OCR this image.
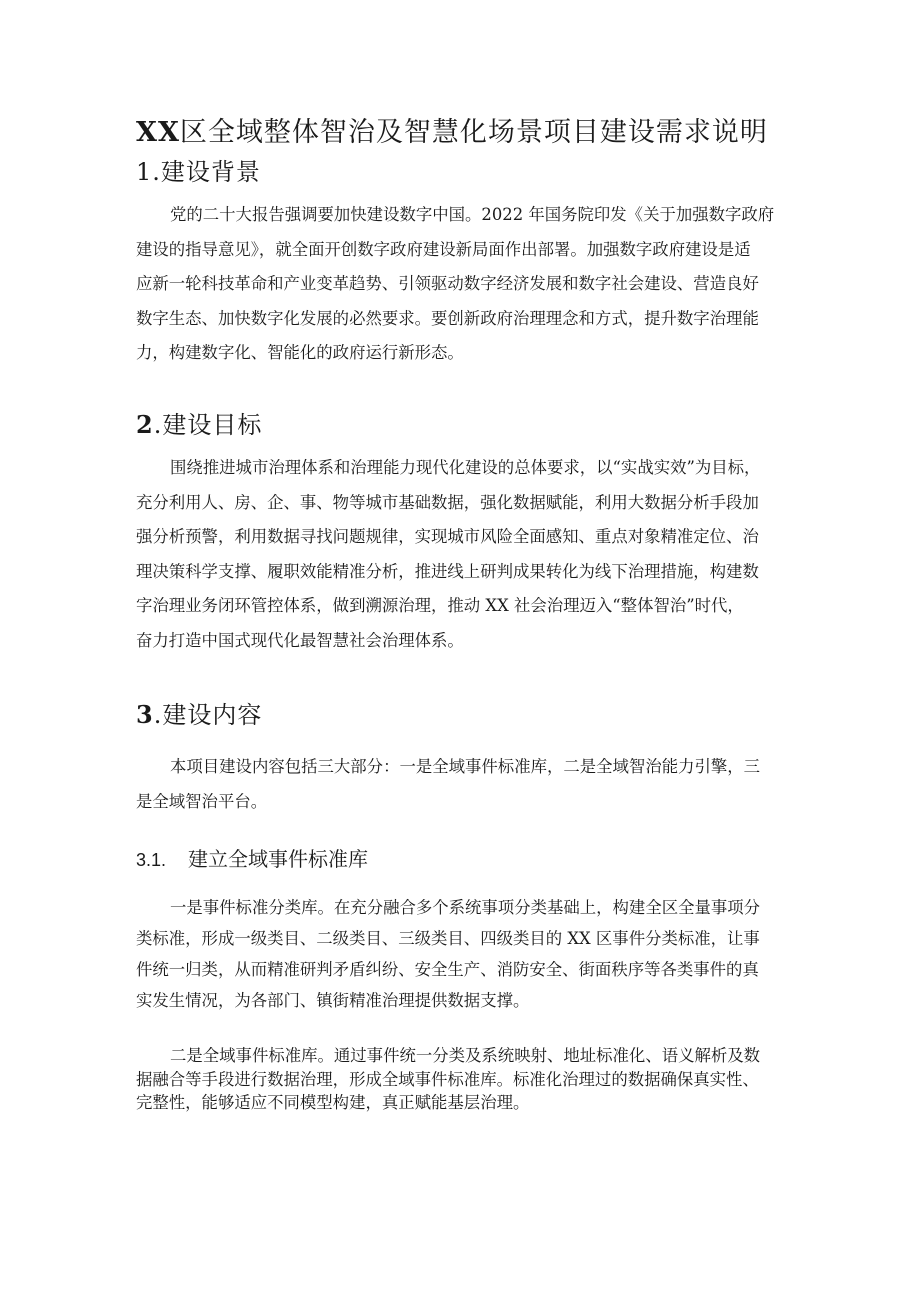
XX区全域整体智治及智慧化场景项目建设需求说明
1.建设背景
党的二十大报告强调要加快建设数字中国。2022 年国务院印发《关于加强数字政府
建设的指导意见》，就全面开创数字政府建设新局面作出部署。加强数字政府建设是适
应新一轮科技革命和产业变革趋势、引领驱动数字经济发展和数字社会建设、营造良好
数字生态、加快数字化发展的必然要求。要创新政府治理理念和方式，提升数字治理能
力，构建数字化、智能化的政府运行新形态。
2.建设目标
围绕推进城市治理体系和治理能力现代化建设的总体要求，以“实战实效”为目标，
充分利用人、房、企、事、物等城市基础数据，强化数据赋能，利用大数据分析手段加
强分析预警，利用数据寻找问题规律，实现城市风险全面感知、重点对象精准定位、治
理决策科学支撑、履职效能精准分析，推进线上研判成果转化为线下治理措施，构建数
字治理业务闭环管控体系，做到溯源治理，推动 XX 社会治理迈入“整体智治”时代，
奋力打造中国式现代化最智慧社会治理体系。
3.建设内容
本项目建设内容包括三大部分：一是全域事件标准库，二是全域智治能力引擎，三
是全域智治平台。
3.1. 建立全域事件标准库
一是事件标准分类库。在充分融合多个系统事项分类基础上，构建全区全量事项分
类标准，形成一级类目、二级类目、三级类目、四级类目的 XX 区事件分类标准，让事
件统一归类，从而精准研判矛盾纠纷、安全生产、消防安全、街面秩序等各类事件的真
实发生情况，为各部门、镇街精准治理提供数据支撑。
二是全域事件标准库。通过事件统一分类及系统映射、地址标准化、语义解析及数
据融合等手段进行数据治理，形成全域事件标准库。标准化治理过的数据确保真实性、
完整性，能够适应不同模型构建，真正赋能基层治理。
